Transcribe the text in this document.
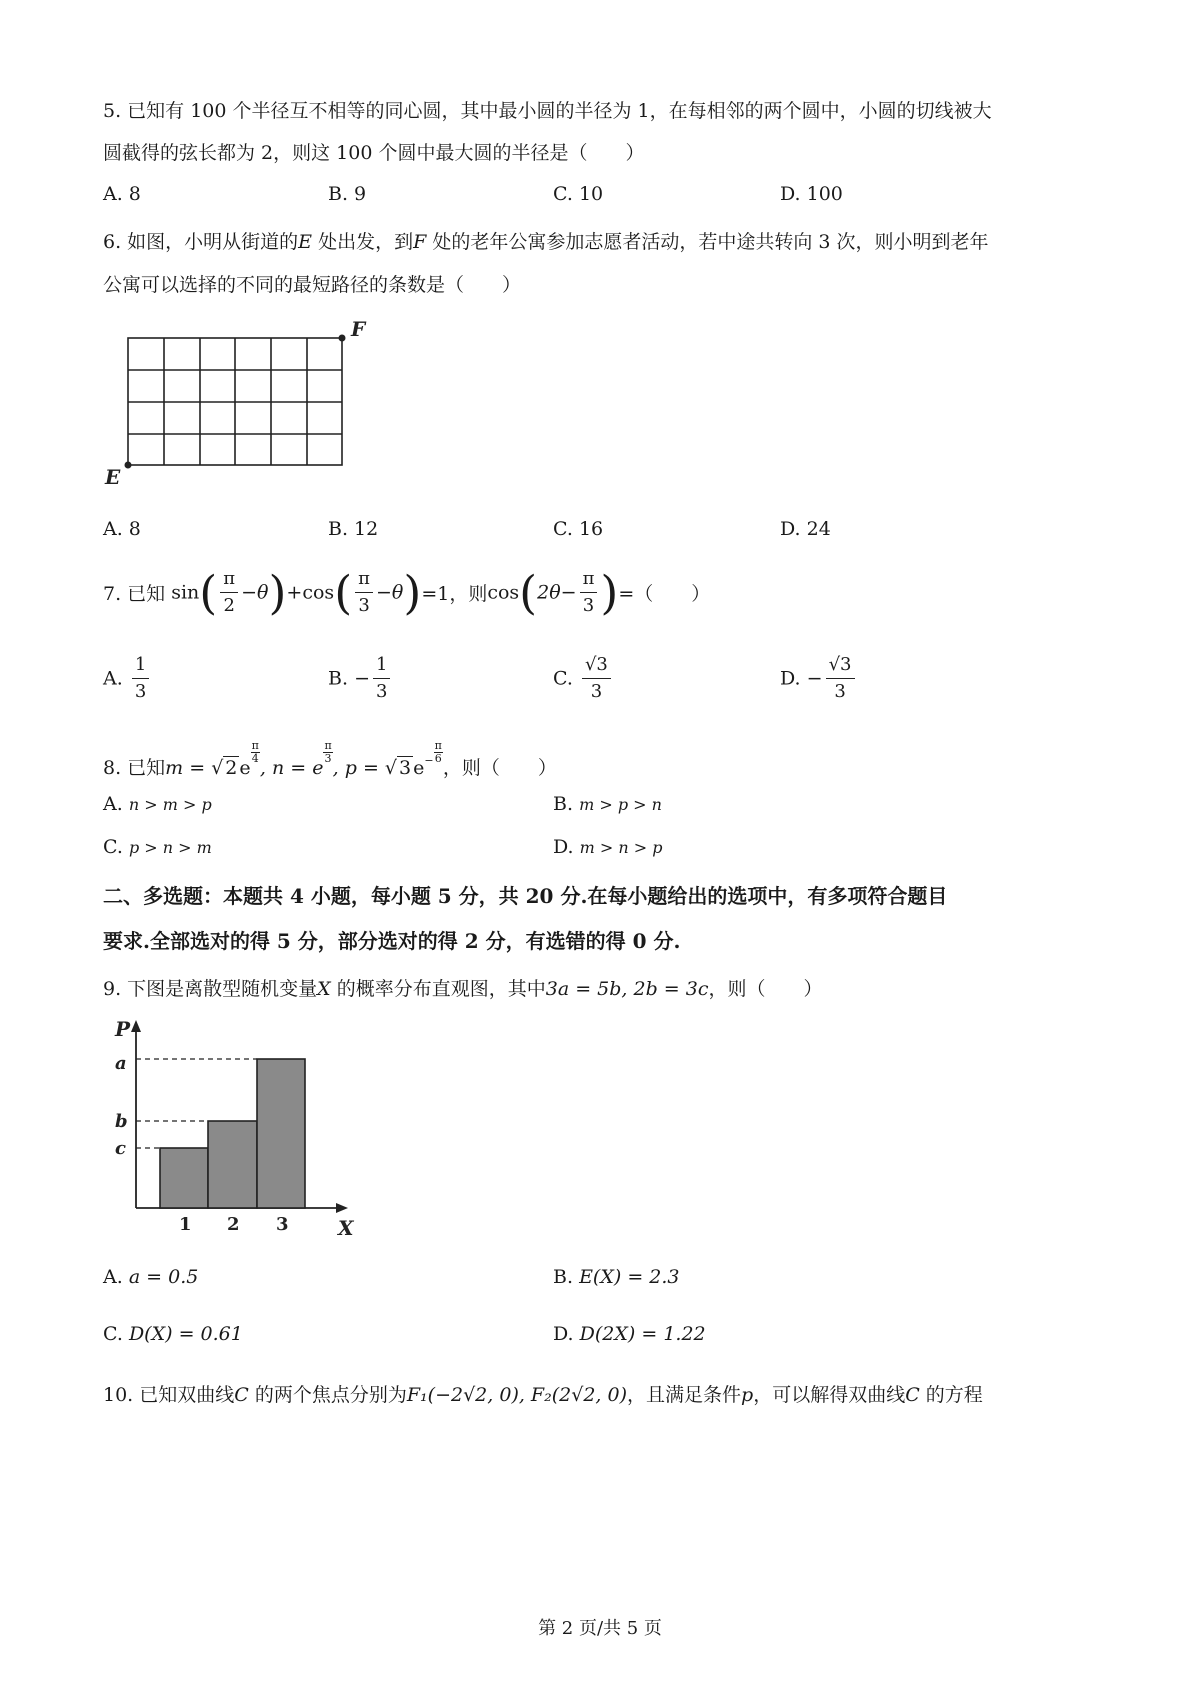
5. 已知有 100 个半径互不相等的同心圆，其中最小圆的半径为 1，在每相邻的两个圆中，小圆的切线被大
圆截得的弦长都为 2，则这 100 个圆中最大圆的半径是（　　）
A. 8	B. 9	C. 10	D. 100
6. 如图，小明从街道的E 处出发，到F 处的老年公寓参加志愿者活动，若中途共转向 3 次，则小明到老年
公寓可以选择的不同的最短路径的条数是（　　）
F
E
A. 8	B. 12	C. 16	D. 24
7. 已知 $\sin( \frac{\pi}{2} -\theta)+\cos( \frac{\pi}{3} -\theta)=1$，则$\cos(2\theta- \frac{\pi}{3}$ )=（　　）
A. $\frac{1}{3}$	B. − $\frac{1}{3}$	C. $\frac{√3}{3}$	D. − $\frac{√3}{3}$
8. 已知m = √ 2 e
$\frac{\pi}{4}$
, n = e
$\frac{\pi}{3}$
, p = √ 3 $e^- \frac{\pi}{6}$
，则（　　）
A. n > m > p	B. m > p > n
C. p > n > m	D. m > n > p
二、多选题：本题共 4 小题，每小题 5 分，共 20 分.在每小题给出的选项中，有多项符合题目
要求.全部选对的得 5 分，部分选对的得 2 分，有选错的得 0 分.
9. 下图是离散型随机变量X 的概率分布直观图，其中3a = 5b, 2b = 3c，则（　　）
P
X
a
b
c
1 2 3
A. a = 0.5	B. E(X) = 2.3
C. D(X) = 0.61	D. D(2X) = 1.22
10. 已知双曲线C 的两个焦点分别为F₁(−2√2, 0), F₂(2√2, 0)，且满足条件p，可以解得双曲线C 的方程
第 2 页/共 5 页
